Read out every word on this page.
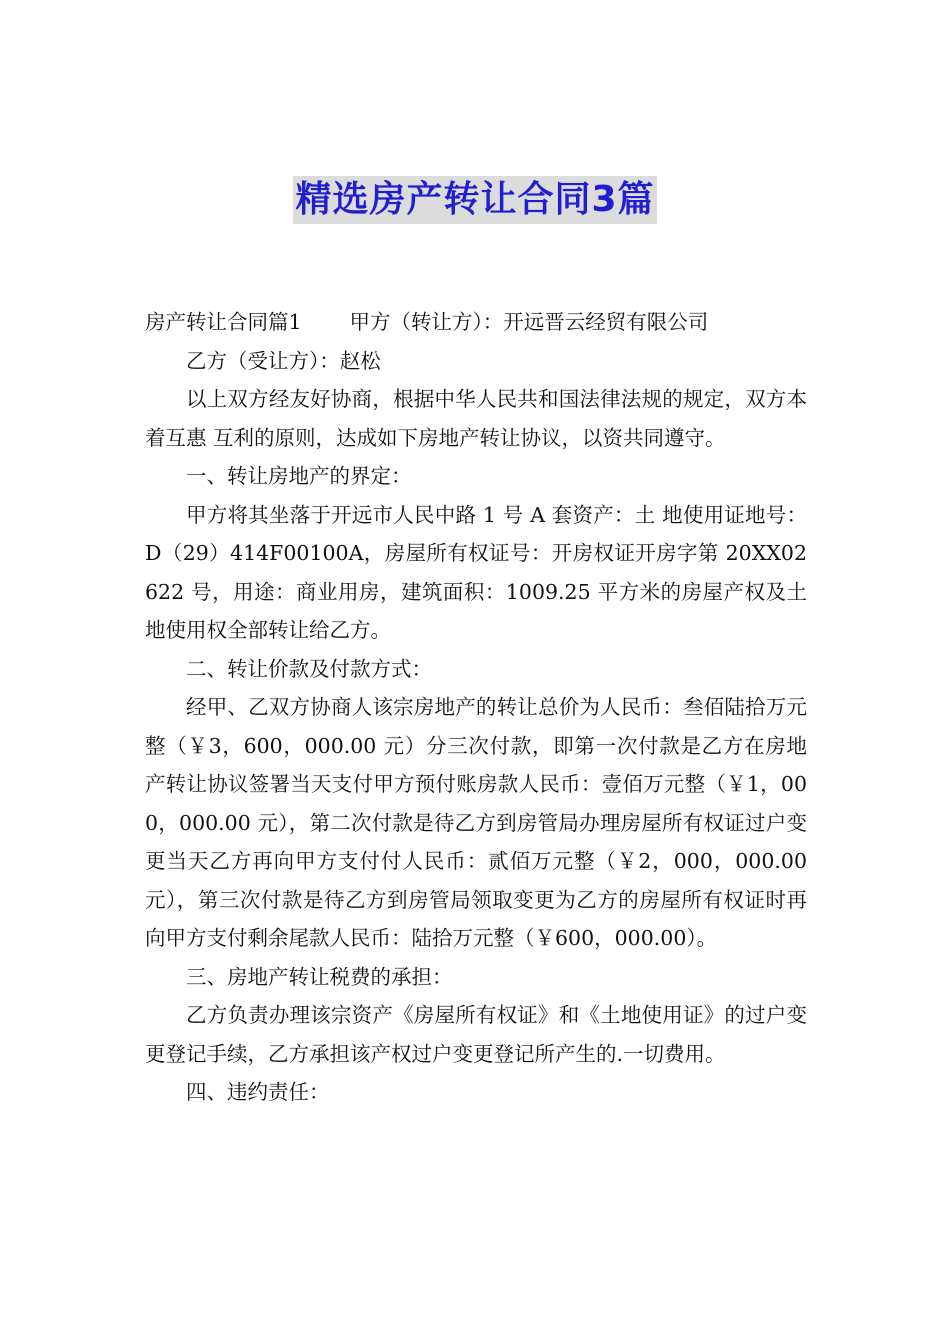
精选房产转让合同3篇

房产转让合同篇1 甲方（转让方）：开远晋云经贸有限公司

乙方（受让方）：赵松

以上双方经友好协商，根据中华人民共和国法律法规的规定，双方本着互惠 互利的原则，达成如下房地产转让协议，以资共同遵守。

一、转让房地产的界定：

甲方将其坐落于开远市人民中路 1 号 A 套资产：土 地使用证地号：D（29）414F00100A，房屋所有权证号：开房权证开房字第 20XX02622 号，用途：商业用房，建筑面积：1009.25 平方米的房屋产权及土 地使用权全部转让给乙方。

二、转让价款及付款方式：

经甲、乙双方协商人该宗房地产的转让总价为人民币：叁佰陆拾万元整（￥3，600，000.00 元）分三次付款，即第一次付款是乙方在房地产转让协议签署当天支付甲方预付账房款人民币：壹佰万元整（￥1，000，000.00 元），第二次付款是待乙方到房管局办理房屋所有权证过户变更当天乙方再向甲方支付付人民币：贰佰万元整（￥2，000，000.00 元），第三次付款是待乙方到房管局领取变更为乙方的房屋所有权证时再向甲方支付剩余尾款人民币：陆拾万元整（￥600，000.00）。

三、房地产转让税费的承担：

乙方负责办理该宗资产《房屋所有权证》和《土地使用证》的过户变更登记手续，乙方承担该产权过户变更登记所产生的.一切费用。

四、违约责任：
